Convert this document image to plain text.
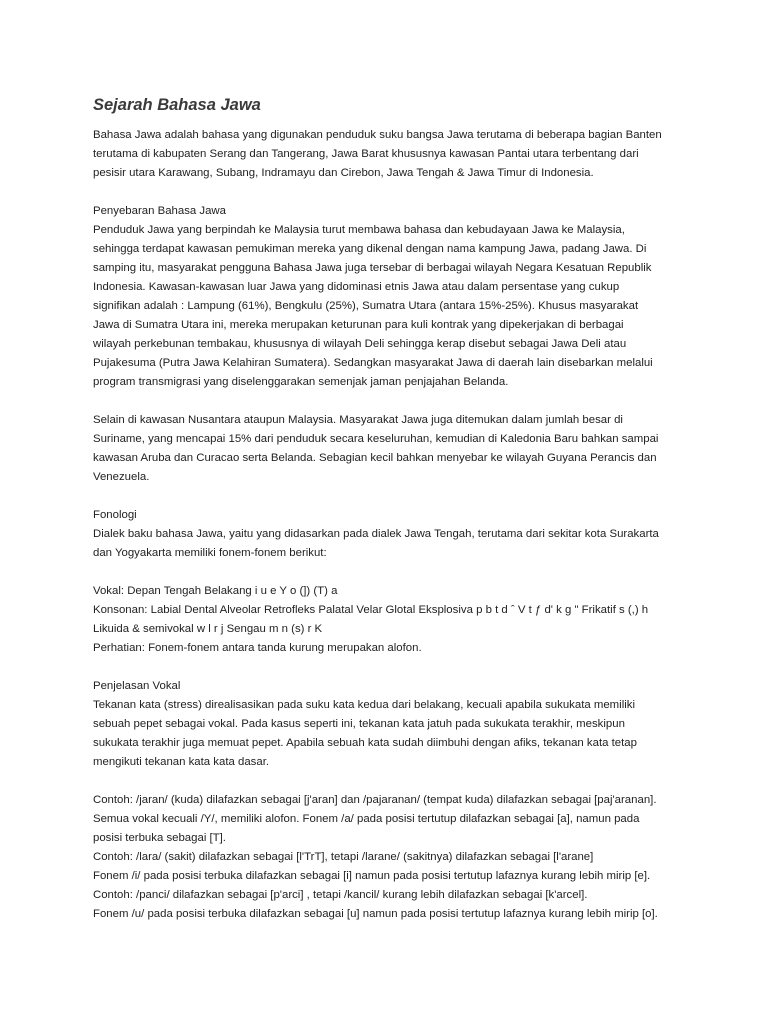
Sejarah Bahasa Jawa
Bahasa Jawa adalah bahasa yang digunakan penduduk suku bangsa Jawa terutama di beberapa bagian Banten
terutama di kabupaten Serang dan Tangerang, Jawa Barat khususnya kawasan Pantai utara terbentang dari
pesisir utara Karawang, Subang, Indramayu dan Cirebon, Jawa Tengah & Jawa Timur di Indonesia.
Penyebaran Bahasa Jawa
Penduduk Jawa yang berpindah ke Malaysia turut membawa bahasa dan kebudayaan Jawa ke Malaysia,
sehingga terdapat kawasan pemukiman mereka yang dikenal dengan nama kampung Jawa, padang Jawa. Di
samping itu, masyarakat pengguna Bahasa Jawa juga tersebar di berbagai wilayah Negara Kesatuan Republik
Indonesia. Kawasan-kawasan luar Jawa yang didominasi etnis Jawa atau dalam persentase yang cukup
signifikan adalah : Lampung (61%), Bengkulu (25%), Sumatra Utara (antara 15%-25%). Khusus masyarakat
Jawa di Sumatra Utara ini, mereka merupakan keturunan para kuli kontrak yang dipekerjakan di berbagai
wilayah perkebunan tembakau, khususnya di wilayah Deli sehingga kerap disebut sebagai Jawa Deli atau
Pujakesuma (Putra Jawa Kelahiran Sumatera). Sedangkan masyarakat Jawa di daerah lain disebarkan melalui
program transmigrasi yang diselenggarakan semenjak jaman penjajahan Belanda.
Selain di kawasan Nusantara ataupun Malaysia. Masyarakat Jawa juga ditemukan dalam jumlah besar di
Suriname, yang mencapai 15% dari penduduk secara keseluruhan, kemudian di Kaledonia Baru bahkan sampai
kawasan Aruba dan Curacao serta Belanda. Sebagian kecil bahkan menyebar ke wilayah Guyana Perancis dan
Venezuela.
Fonologi
Dialek baku bahasa Jawa, yaitu yang didasarkan pada dialek Jawa Tengah, terutama dari sekitar kota Surakarta
dan Yogyakarta memiliki fonem-fonem berikut:
Vokal: Depan Tengah Belakang i u e Y o (]) (T) a
Konsonan: Labial Dental Alveolar Retrofleks Palatal Velar Glotal Eksplosiva p b t d ˆ V t ƒ d' k g " Frikatif s (,) h
Likuida & semivokal w l r j Sengau m n (s) r K
Perhatian: Fonem-fonem antara tanda kurung merupakan alofon.
Penjelasan Vokal
Tekanan kata (stress) direalisasikan pada suku kata kedua dari belakang, kecuali apabila sukukata memiliki
sebuah pepet sebagai vokal. Pada kasus seperti ini, tekanan kata jatuh pada sukukata terakhir, meskipun
sukukata terakhir juga memuat pepet. Apabila sebuah kata sudah diimbuhi dengan afiks, tekanan kata tetap
mengikuti tekanan kata kata dasar.
Contoh: /jaran/ (kuda) dilafazkan sebagai [j'aran] dan /pajaranan/ (tempat kuda) dilafazkan sebagai [paj'aranan].
Semua vokal kecuali /Y/, memiliki alofon. Fonem /a/ pada posisi tertutup dilafazkan sebagai [a], namun pada
posisi terbuka sebagai [T].
Contoh: /lara/ (sakit) dilafazkan sebagai [l'TrT], tetapi /larane/ (sakitnya) dilafazkan sebagai [l'arane]
Fonem /i/ pada posisi terbuka dilafazkan sebagai [i] namun pada posisi tertutup lafaznya kurang lebih mirip [e].
Contoh: /panci/ dilafazkan sebagai [p'arci] , tetapi /kancil/ kurang lebih dilafazkan sebagai [k'arcel].
Fonem /u/ pada posisi terbuka dilafazkan sebagai [u] namun pada posisi tertutup lafaznya kurang lebih mirip [o].
